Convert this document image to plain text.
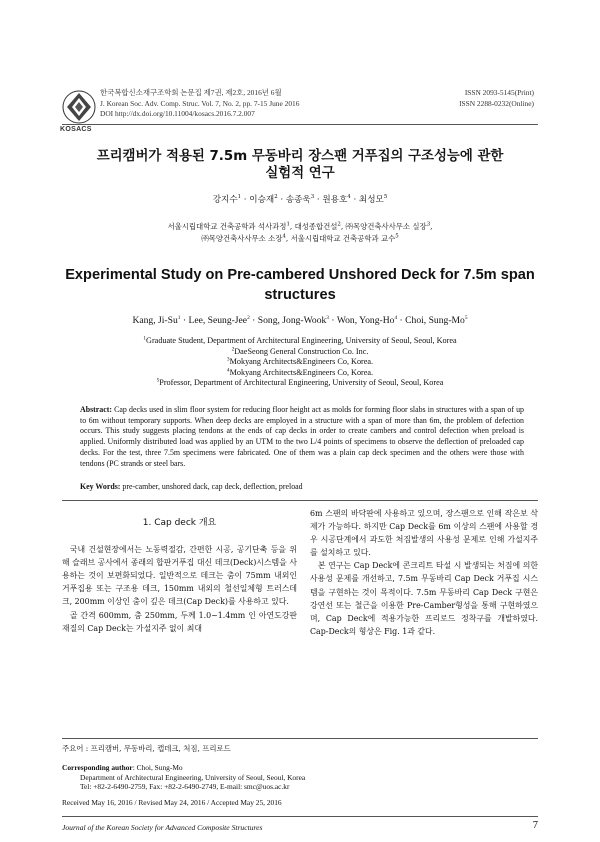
KOSACS
한국복합신소재구조학회 논문집 제7권, 제2호, 2016년 6월
J. Korean Soc. Adv. Comp. Struc. Vol. 7, No. 2, pp. 7-15 June 2016
DOI http://dx.doi.org/10.11004/kosacs.2016.7.2.007
ISSN 2093-5145(Print)
ISSN 2288-0232(Online)
프리캠버가 적용된 7.5m 무동바리 장스팬 거푸집의 구조성능에 관한
실험적 연구
강지수$^1$ · 이승재$^2$ · 송종욱$^3$ · 원용호$^4$ · 최성모$^5$
서울시립대학교 건축공학과 석사과정$^1$, 대성종합건설$^2$, ㈜목양건축사사무소 실장$^3$,
㈜목양건축사사무소 소장$^4$, 서울시립대학교 건축공학과 교수$^5$
Experimental Study on Pre-cambered Unshored Deck for 7.5m span
structures
Kang, $Ji-Su^1$ · Lee, Seung-Jee$^2$ · Song, Jong-Wook$^3$ · Won, Yong-$Ho^4$ · Choi, Sung-Mo$^5$
$^1$Graduate Student, Department of Architectural Engineering, University of Seoul, Seoul, Korea
$^2$DaeSeong General Construction Co. Inc.
$^3$Mokyang Architects&Engineers Co, Korea.
$^4$Mokyang Architects&Engineers Co, Korea.
$^5$Professor, Department of Architectural Engineering, University of Seoul, Seoul, Korea
Abstract: Cap decks used in slim floor system for reducing floor height act as molds for forming floor slabs in structures with a span of up to 6m without temporary supports. When deep decks are employed in a structure with a span of more than 6m, the problem of defection occurs. This study suggests placing tendons at the ends of cap decks in order to create cambers and control defection when preload is applied. Uniformly distributed load was applied by an UTM to the two L/4 points of specimens to observe the deflection of preloaded cap decks. For the test, three 7.5m specimens were fabricated. One of them was a plain cap deck specimen and the others were those with tendons (PC strands or steel bars.
Key Words: pre-camber, unshored dack, cap deck, deflection, preload
1. Cap deck 개요

국내 건설현장에서는 노동력절감, 간편한 시공, 공기단축 등을 위해 슬래브 공사에서 종래의 합판거푸집 대신 데크(Deck)시스템을 사용하는 것이 보편화되었다. 일반적으로 데크는 춤이 75mm 내외인 거푸집용 또는 구조용 데크, 150mm 내외의 철선일체형 트러스데크, 200mm 이상인 춤이 깊은 데크(Cap Deck)를 사용하고 있다.

골 간격 600mm, 춤 250mm, 두께 1.0~1.4mm 인 아연도강판 재질의 Cap Deck는 가설지주 없이 최대

6m 스팬의 바닥판에 사용하고 있으며, 장스팬으로 인해 작은보 삭제가 가능하다. 하지만 Cap Deck를 6m 이상의 스팬에 사용할 경우 시공단계에서 과도한 처짐발생의 사용성 문제로 인해 가설지주를 설치하고 있다.

본 연구는 Cap Deck에 콘크리트 타설 시 발생되는 처짐에 의한 사용성 문제를 개선하고, 7.5m 무동바리 Cap Deck 거푸집 시스템을 구현하는 것이 목적이다. 7.5m 무동바리 Cap Deck 구현은 강연선 또는 철근을 이용한 Pre-Camber형성을 통해 구현하였으며, Cap Deck에 적용가능한 프리로드 정착구를 개발하였다. Cap-Deck의 형상은 Fig. 1과 같다.

주요어 : 프리캠버, 무동바리, 캡데크, 처짐, 프리로드
Corresponding author: Choi, Sung-Mo
Department of Architectural Engineering, University of Seoul, Seoul, Korea
Tel: +82-2-6490-2759, Fax: +82-2-6490-2749, E-mail: smc@uos.ac.kr
Received May 16, 2016 / Revised May 24, 2016 / Accepted May 25, 2016
Journal of the Korean Society for Advanced Composite Structures	7
